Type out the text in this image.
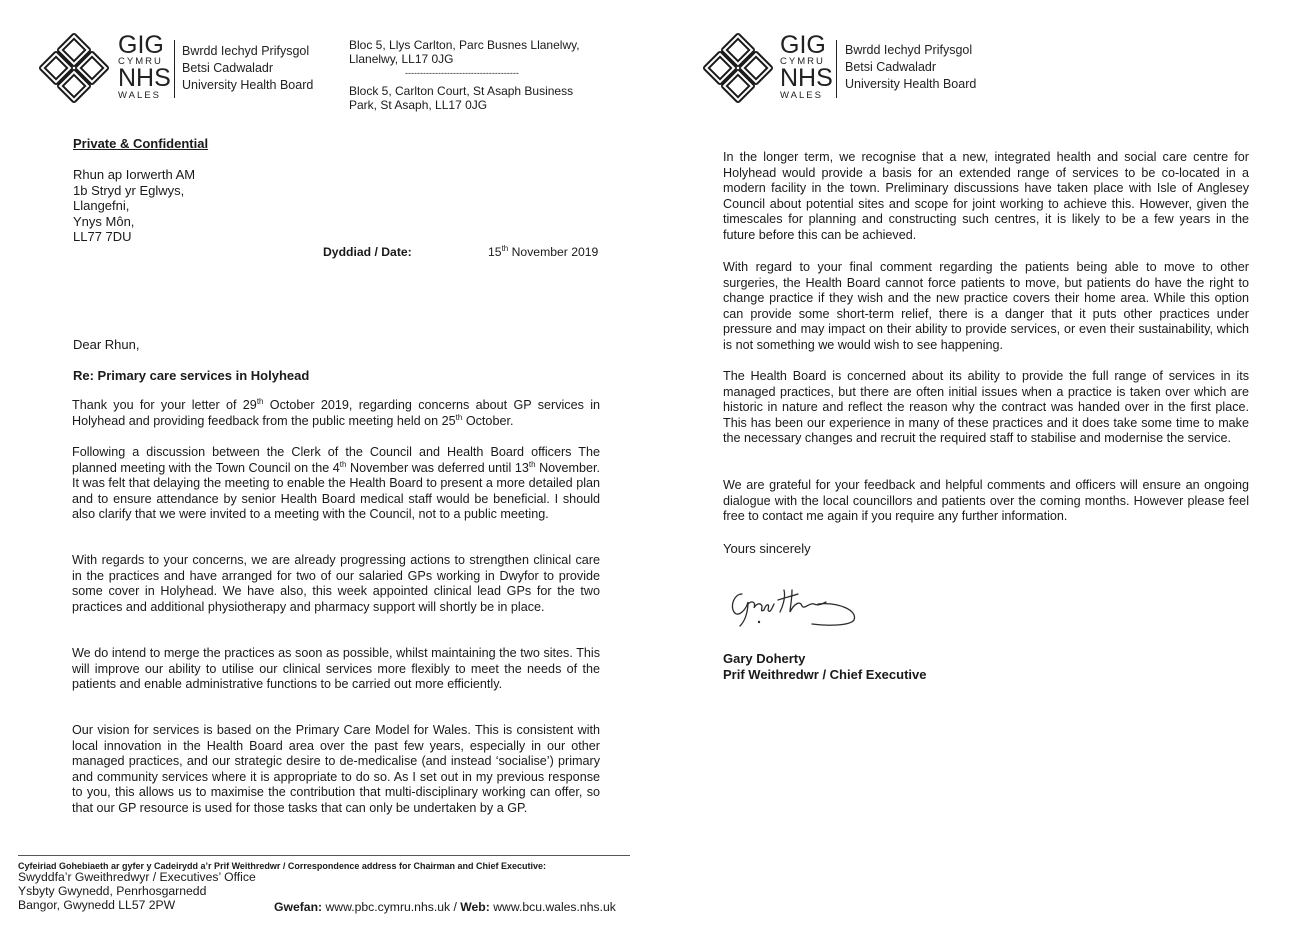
GIG
CYMRU
NHS
WALES
Bwrdd Iechyd Prifysgol
Betsi Cadwaladr
University Health Board
Bloc 5, Llys Carlton, Parc Busnes Llanelwy,
Llanelwy, LL17 0JG
--------------------------------------
Block 5, Carlton Court, St Asaph Business
Park, St Asaph, LL17 0JG
Private & Confidential
Rhun ap Iorwerth AM
1b Stryd yr Eglwys,
Llangefni,
Ynys Môn,
LL77 7DU
Dyddiad / Date:	15th November 2019
Dear Rhun,
Re: Primary care services in Holyhead
Thank you for your letter of 29th October 2019, regarding concerns about GP services in Holyhead and providing feedback from the public meeting held on 25th October.
Following a discussion between the Clerk of the Council and Health Board officers The planned meeting with the Town Council on the 4th November was deferred until 13th November. It was felt that delaying the meeting to enable the Health Board to present a more detailed plan and to ensure attendance by senior Health Board medical staff would be beneficial. I should also clarify that we were invited to a meeting with the Council, not to a public meeting.
With regards to your concerns, we are already progressing actions to strengthen clinical care in the practices and have arranged for two of our salaried GPs working in Dwyfor to provide some cover in Holyhead. We have also, this week appointed clinical lead GPs for the two practices and additional physiotherapy and pharmacy support will shortly be in place.
We do intend to merge the practices as soon as possible, whilst maintaining the two sites. This will improve our ability to utilise our clinical services more flexibly to meet the needs of the patients and enable administrative functions to be carried out more efficiently.
Our vision for services is based on the Primary Care Model for Wales. This is consistent with local innovation in the Health Board area over the past few years, especially in our other managed practices, and our strategic desire to de-medicalise (and instead ‘socialise’) primary and community services where it is appropriate to do so. As I set out in my previous response to you, this allows us to maximise the contribution that multi-disciplinary working can offer, so that our GP resource is used for those tasks that can only be undertaken by a GP.
Cyfeiriad Gohebiaeth ar gyfer y Cadeirydd a’r Prif Weithredwr / Correspondence address for Chairman and Chief Executive:
Swyddfa’r Gweithredwyr / Executives’ Office
Ysbyty Gwynedd, Penrhosgarnedd
Bangor, Gwynedd LL57 2PW	Gwefan: www.pbc.cymru.nhs.uk / Web: www.bcu.wales.nhs.uk
GIG
CYMRU
NHS
WALES
Bwrdd Iechyd Prifysgol
Betsi Cadwaladr
University Health Board
In the longer term, we recognise that a new, integrated health and social care centre for Holyhead would provide a basis for an extended range of services to be co-located in a modern facility in the town. Preliminary discussions have taken place with Isle of Anglesey Council about potential sites and scope for joint working to achieve this. However, given the timescales for planning and constructing such centres, it is likely to be a few years in the future before this can be achieved.
With regard to your final comment regarding the patients being able to move to other surgeries, the Health Board cannot force patients to move, but patients do have the right to change practice if they wish and the new practice covers their home area. While this option can provide some short-term relief, there is a danger that it puts other practices under pressure and may impact on their ability to provide services, or even their sustainability, which is not something we would wish to see happening.
The Health Board is concerned about its ability to provide the full range of services in its managed practices, but there are often initial issues when a practice is taken over which are historic in nature and reflect the reason why the contract was handed over in the first place. This has been our experience in many of these practices and it does take some time to make the necessary changes and recruit the required staff to stabilise and modernise the service.
We are grateful for your feedback and helpful comments and officers will ensure an ongoing dialogue with the local councillors and patients over the coming months. However please feel free to contact me again if you require any further information.
Yours sincerely
Gary Doherty
Prif Weithredwr / Chief Executive
